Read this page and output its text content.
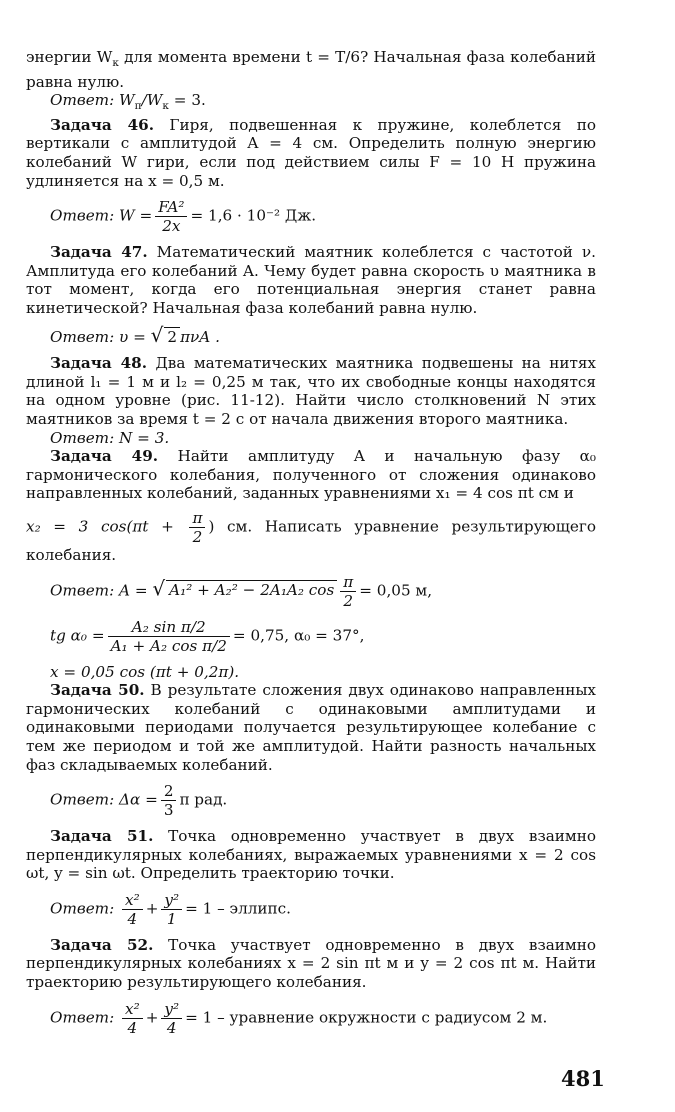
энергии $W_к$ для момента времени t = T/6? Начальная фаза колебаний равна нулю.

Ответ: $W_п/W_к = 3$.

Задача 46. Гиря, подвешенная к пружине, колеблется по вертикали с амплитудой A = 4 см. Определить полную энергию колебаний W гири, если под действием силы F = 10 Н пружина удлиняется на x = 0,5 м.

Ответ: $W = \frac{\text{FA²}}{2x} = 1,6 \cdot 10^{-2}$ Дж.

Задача 47. Математический маятник колеблется с частотой ν. Амплитуда его колебаний A. Чему будет равна скорость υ маятника в тот момент, когда его потенциальная энергия станет равна кинетической? Начальная фаза колебаний равна нулю.

Ответ: υ = √ 2 πνA .

Задача 48. Два математических маятника подвешены на нитях длиной l₁ = 1 м и l₂ = 0,25 м так, что их свободные концы находятся на одном уровне (рис. 11-12). Найти число столкновений N этих маятников за время t = 2 с от начала движения второго маятника.

Ответ: N = 3.

Задача 49. Найти амплитуду A и начальную фазу α₀ гармонического колебания, полученного от сложения одинаково направленных колебаний, заданных уравнениями x₁ = 4 cos πt см и

x₂ = 3 $\cos(\pi t + \frac{\pi}{2}$ ) см. Написать уравнение результирующего колебания.

Ответ: A = √ A₁² + A₂² − 2A₁A₂ $\cos \frac{\pi}{2} = 0,05$ м,

tg $\alpha_0 = \frac{\text{A₂ sin π/2}}{\text{A₁ + A₂ cos π/2}} = 0,75$, α₀ = 37°,

x = 0,05 cos (πt + 0,2π).

Задача 50. В результате сложения двух одинаково направленных гармонических колебаний с одинаковыми амплитудами и одинаковыми периодами получается результирующее колебание с тем же периодом и той же амплитудой. Найти разность начальных фаз складываемых колебаний.

Ответ: $\Delta\alpha = \frac{2}{3}$ π рад.

Задача 51. Точка одновременно участвует в двух взаимно перпендикулярных колебаниях, выражаемых уравнениями x = 2 cos ωt, y = sin ωt. Определить траекторию точки.

Ответ: $\frac{\text{x²}}{4} + \frac{\text{y²}}{1} = 1$ – эллипс.

Задача 52. Точка участвует одновременно в двух взаимно перпендикулярных колебаниях x = 2 sin πt м и y = 2 cos πt м. Найти траекторию результирующего колебания.

Ответ: $\frac{\text{x²}}{4} + \frac{\text{y²}}{4} = 1$ – уравнение окружности с радиусом 2 м.

481
